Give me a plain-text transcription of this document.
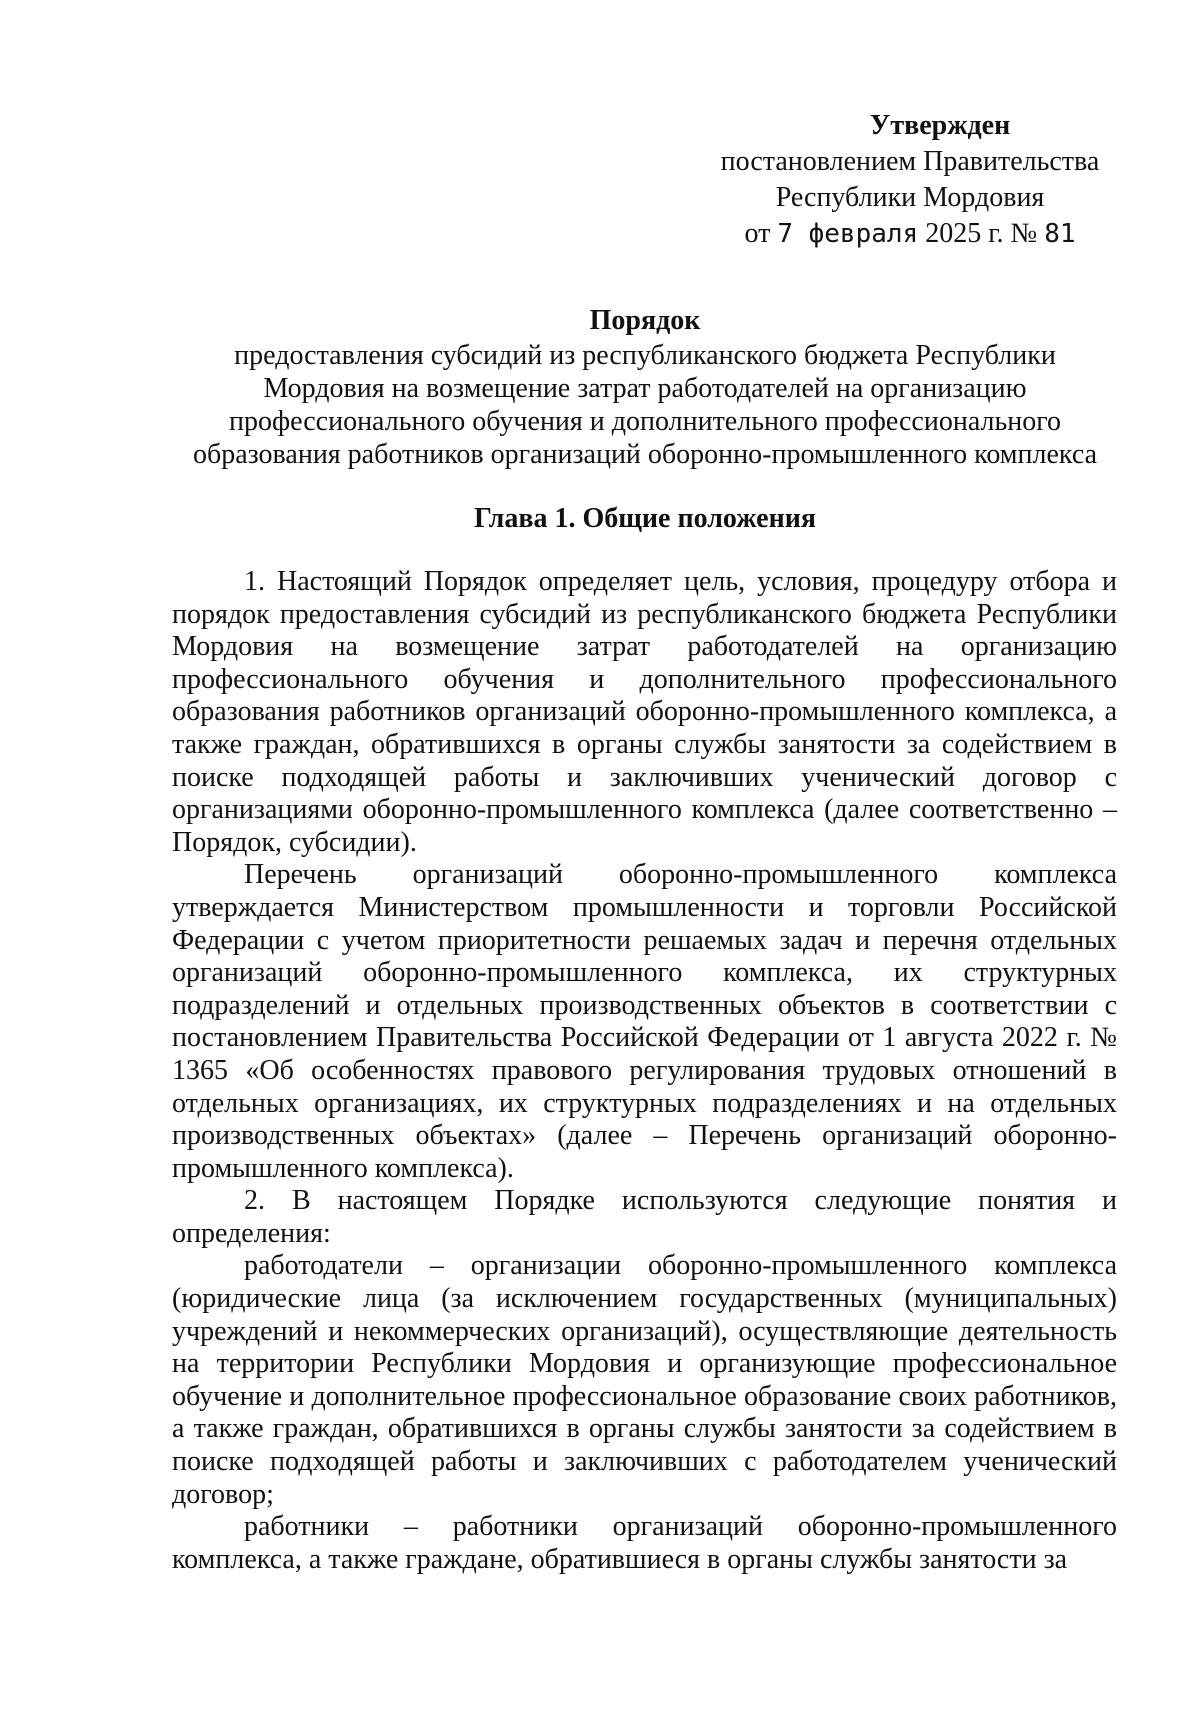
Утвержден
постановлением Правительства
Республики Мордовия
от 7 февраля 2025 г. № 81
Порядок
предоставления субсидий из республиканского бюджета Республики
Мордовия на возмещение затрат работодателей на организацию
профессионального обучения и дополнительного профессионального
образования работников организаций оборонно-промышленного комплекса
Глава 1. Общие положения

1. Настоящий Порядок определяет цель, условия, процедуру отбора и порядок предоставления субсидий из республиканского бюджета Республики Мордовия на возмещение затрат работодателей на организацию профессионального обучения и дополнительного профессионального образования работников организаций оборонно-промышленного комплекса, а также граждан, обратившихся в органы службы занятости за содействием в поиске подходящей работы и заключивших ученический договор с организациями оборонно-промышленного комплекса (далее соответственно – Порядок, субсидии).

Перечень организаций оборонно-промышленного комплекса утверждается Министерством промышленности и торговли Российской Федерации с учетом приоритетности решаемых задач и перечня отдельных организаций оборонно-промышленного комплекса, их структурных подразделений и отдельных производственных объектов в соответствии с постановлением Правительства Российской Федерации от 1 августа 2022 г. № 1365 «Об особенностях правового регулирования трудовых отношений в отдельных организациях, их структурных подразделениях и на отдельных производственных объектах» (далее – Перечень организаций оборонно-промышленного комплекса).

2. В настоящем Порядке используются следующие понятия и определения:

работодатели – организации оборонно-промышленного комплекса (юридические лица (за исключением государственных (муниципальных) учреждений и некоммерческих организаций), осуществляющие деятельность на территории Республики Мордовия и организующие профессиональное обучение и дополнительное профессиональное образование своих работников, а также граждан, обратившихся в органы службы занятости за содействием в поиске подходящей работы и заключивших с работодателем ученический договор;

работники – работники организаций оборонно-промышленного комплекса, а также граждане, обратившиеся в органы службы занятости за
